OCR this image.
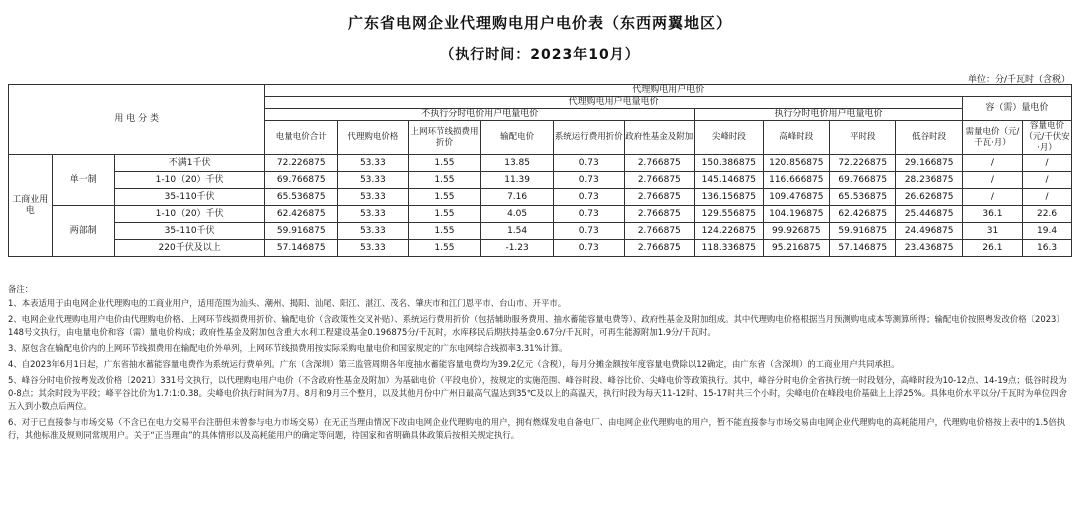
广东省电网企业代理购电用户电价表（东西两翼地区）
（执行时间：2023年10月）
单位：分/千瓦时（含税）
用 电 分 类			代理购电用户电价											
			代理购电用户电量电价										容（需）量电价	
			不执行分时电价用户电量电价						执行分时电价用户电量电价					
			电量电价合计	代理购电价格	上网环节线损费用折价	输配电价	系统运行费用折价	政府性基金及附加	尖峰时段	高峰时段	平时段	低谷时段	需量电价（元/千瓦·月）	容量电价（元/千伏安·月）
工商业用电	单一制	不满1千伏	72.226875	53.33	1.55	13.85	0.73	2.766875	150.386875	120.856875	72.226875	29.166875	/	/
		1-10（20）千伏	69.766875	53.33	1.55	11.39	0.73	2.766875	145.146875	116.666875	69.766875	28.236875	/	/
		35-110千伏	65.536875	53.33	1.55	7.16	0.73	2.766875	136.156875	109.476875	65.536875	26.626875	/	/
	两部制	1-10（20）千伏	62.426875	53.33	1.55	4.05	0.73	2.766875	129.556875	104.196875	62.426875	25.446875	36.1	22.6
		35-110千伏	59.916875	53.33	1.55	1.54	0.73	2.766875	124.226875	99.926875	59.916875	24.496875	31	19.4
		220千伏及以上	57.146875	53.33	1.55	-1.23	0.73	2.766875	118.336875	95.216875	57.146875	23.436875	26.1	16.3

备注：

1、本表适用于由电网企业代理购电的工商业用户，适用范围为汕头、潮州、揭阳、汕尾、阳江、湛江、茂名、肇庆市和江门恩平市、台山市、开平市。

2、电网企业代理购电用户电价由代理购电价格、上网环节线损费用折价、输配电价（含政策性交叉补贴）、系统运行费用折价（包括辅助服务费用、抽水蓄能容量电费等）、政府性基金及附加组成。其中代理购电价格根据当月预测购电成本等测算所得；输配电价按照粤发改价格〔2023〕148号文执行，由电量电价和容（需）量电价构成；政府性基金及附加包含重大水利工程建设基金0.196875分/千瓦时，水库移民后期扶持基金0.67分/千瓦时，可再生能源附加1.9分/千瓦时。

3、原包含在输配电价内的上网环节线损费用在输配电价外单列，上网环节线损费用按实际采购电量电价和国家规定的广东电网综合线损率3.31%计算。

4、自2023年6月1日起，广东省抽水蓄能容量电费作为系统运行费单列。广东（含深圳）第三监管周期各年度抽水蓄能容量电费均为39.2亿元（含税），每月分摊金额按年度容量电费除以12确定，由广东省（含深圳）的工商业用户共同承担。

5、峰谷分时电价按粤发改价格〔2021〕331号文执行，以代理购电用户电价（不含政府性基金及附加）为基础电价（平段电价），按规定的实施范围、峰谷时段、峰谷比价、尖峰电价等政策执行。其中，峰谷分时电价全省执行统一时段划分，高峰时段为10-12点、14-19点；低谷时段为0-8点；其余时段为平段；峰平谷比价为1.7:1:0.38。尖峰电价执行时间为7月、8月和9月三个整月，以及其他月份中广州日最高气温达到35℃及以上的高温天，执行时段为每天11-12时、15-17时共三个小时，尖峰电价在峰段电价基础上上浮25%。具体电价水平以分/千瓦时为单位四舍五入到小数点后两位。

6、对于已直接参与市场交易（不含已在电力交易平台注册但未曾参与电力市场交易）在无正当理由情况下改由电网企业代理购电的用户，拥有燃煤发电自备电厂、由电网企业代理购电的用户，暂不能直接参与市场交易由电网企业代理购电的高耗能用户，代理购电价格按上表中的1.5倍执行，其他标准及规则同常规用户。关于“正当理由”的具体情形以及高耗能用户的确定等问题，待国家和省明确具体政策后按相关规定执行。
